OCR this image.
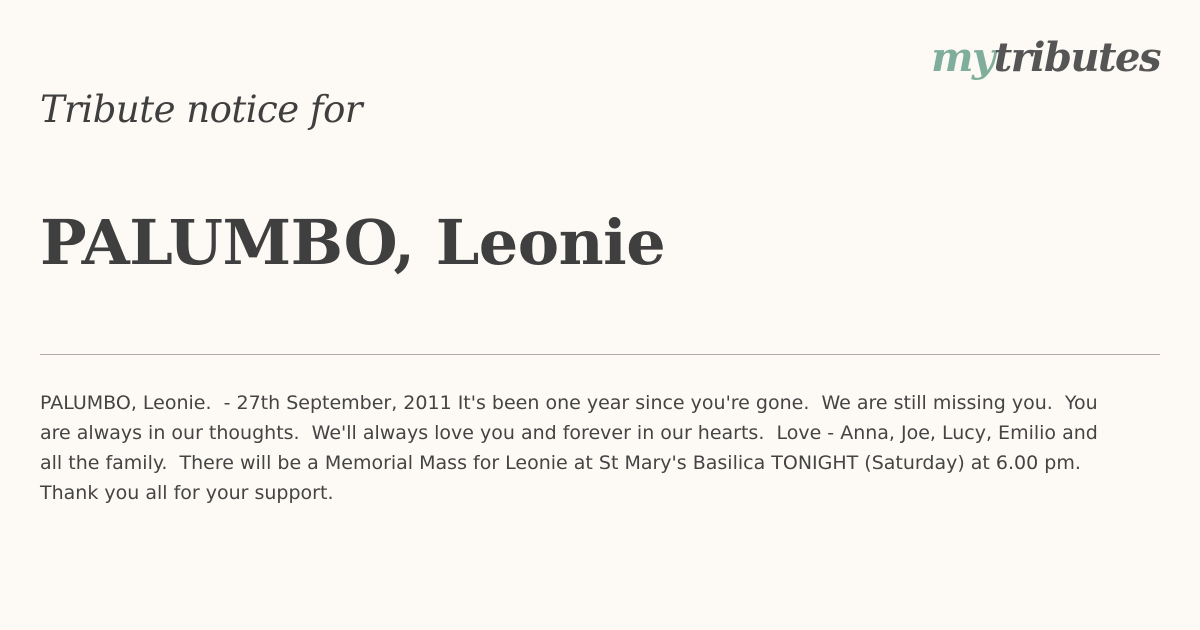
mytributes
Tribute notice for
PALUMBO, Leonie

PALUMBO, Leonie.  - 27th September, 2011 It's been one year since you're gone.  We are still missing you.  You are always in our thoughts.  We'll always love you and forever in our hearts.  Love - Anna, Joe, Lucy, Emilio and all the family.  There will be a Memorial Mass for Leonie at St Mary's Basilica TONIGHT (Saturday) at 6.00 pm.  Thank you all for your support.
